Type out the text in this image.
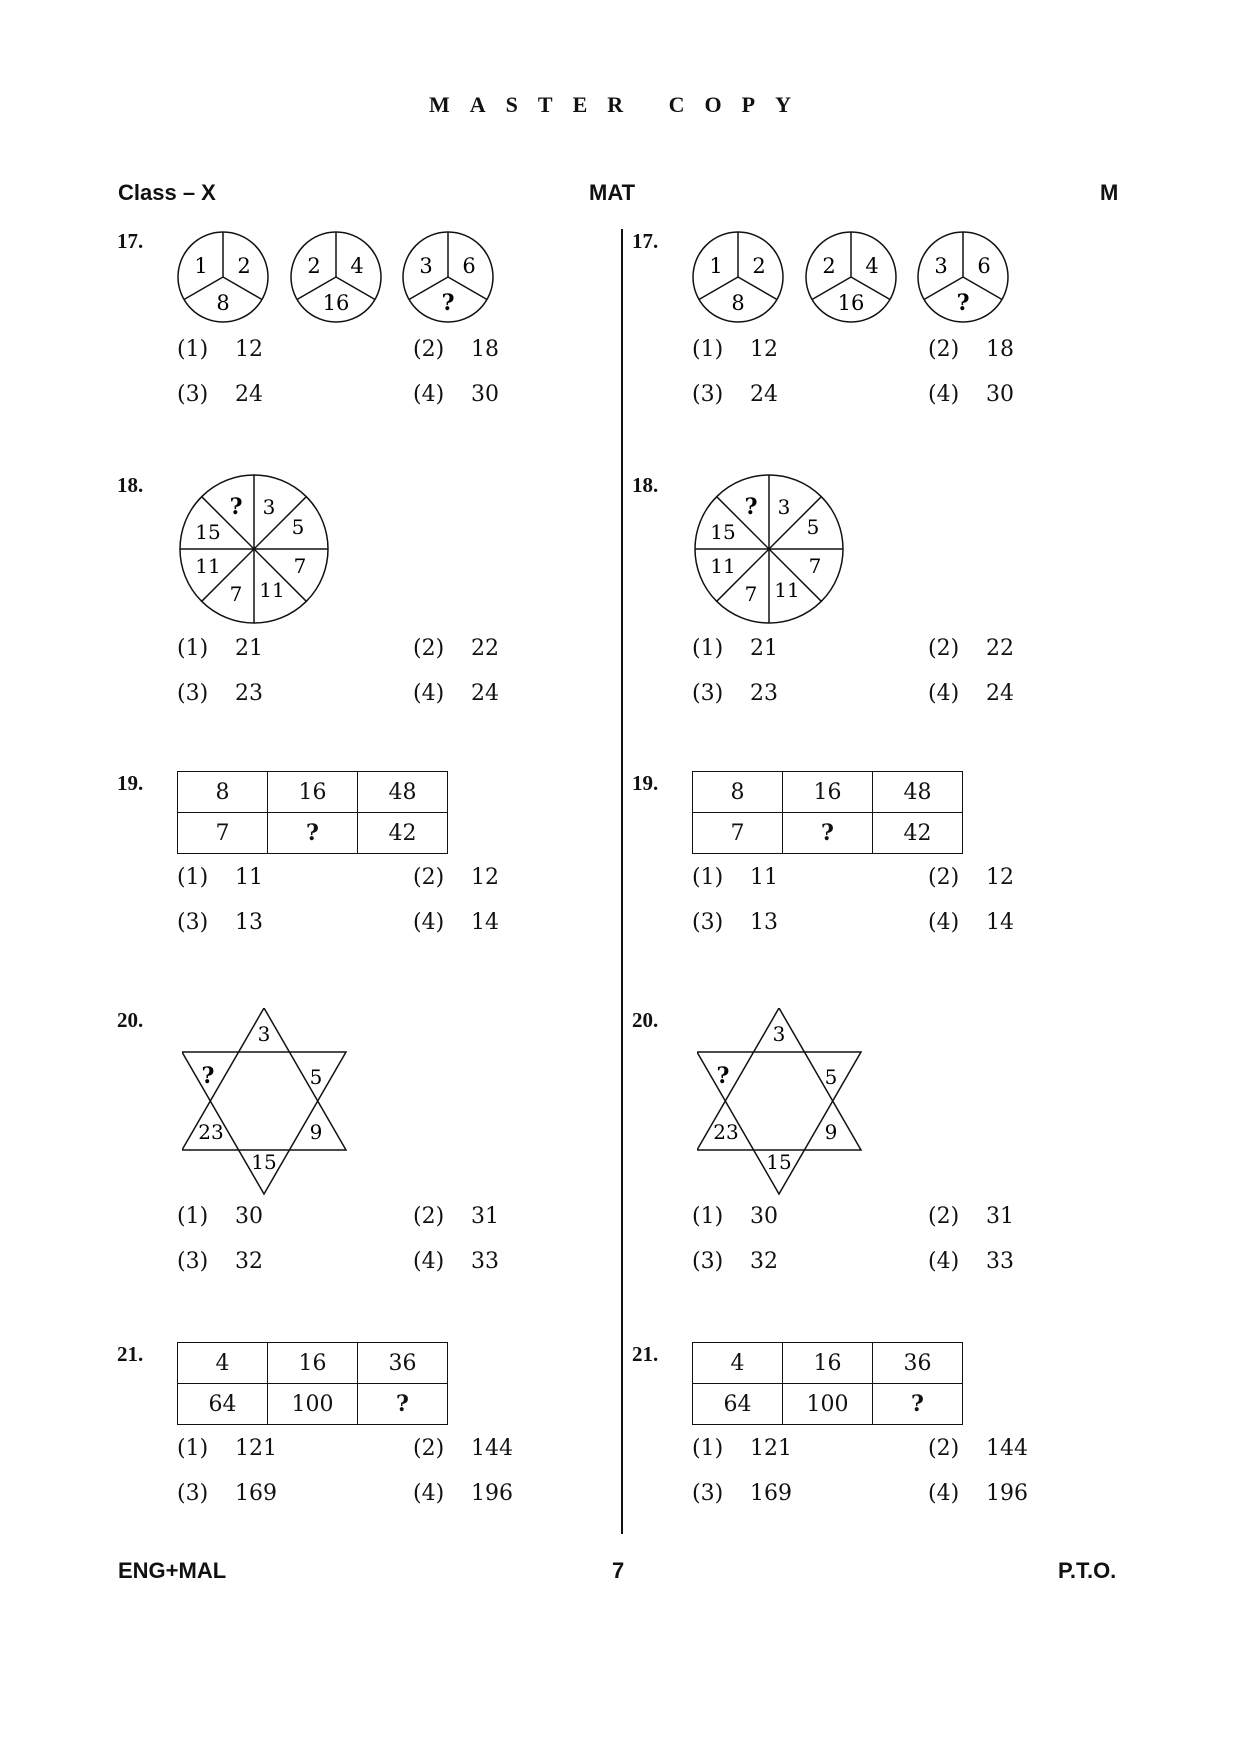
MASTER COPY
Class – X	MAT	M
17.
1 2
8
2 4
16
3 6
?
(1) 12	(2) 18
(3) 24	(4) 30
18.
? 3
5
7
11
7
11
15
(1) 21	(2) 22
(3) 23	(4) 24
19.	8	16	48
7	?	42
(1) 11	(2) 12
(3) 13	(4) 14
20.
3
5
9
15
23
?
(1) 30	(2) 31
(3) 32	(4) 33
21.	4	16	36
64	100	?
(1) 121	(2) 144
(3) 169	(4) 196
17.
1 2
8
2 4
16
3 6
?
(1) 12	(2) 18
(3) 24	(4) 30
18.
? 3
5
7
11
7
11
15
(1) 21	(2) 22
(3) 23	(4) 24
19.	8	16	48
7	?	42
(1) 11	(2) 12
(3) 13	(4) 14
20.
3
5
9
15
23
?
(1) 30	(2) 31
(3) 32	(4) 33
21.	4	16	36
64	100	?
(1) 121	(2) 144
(3) 169	(4) 196
ENG+MAL	7	P.T.O.
